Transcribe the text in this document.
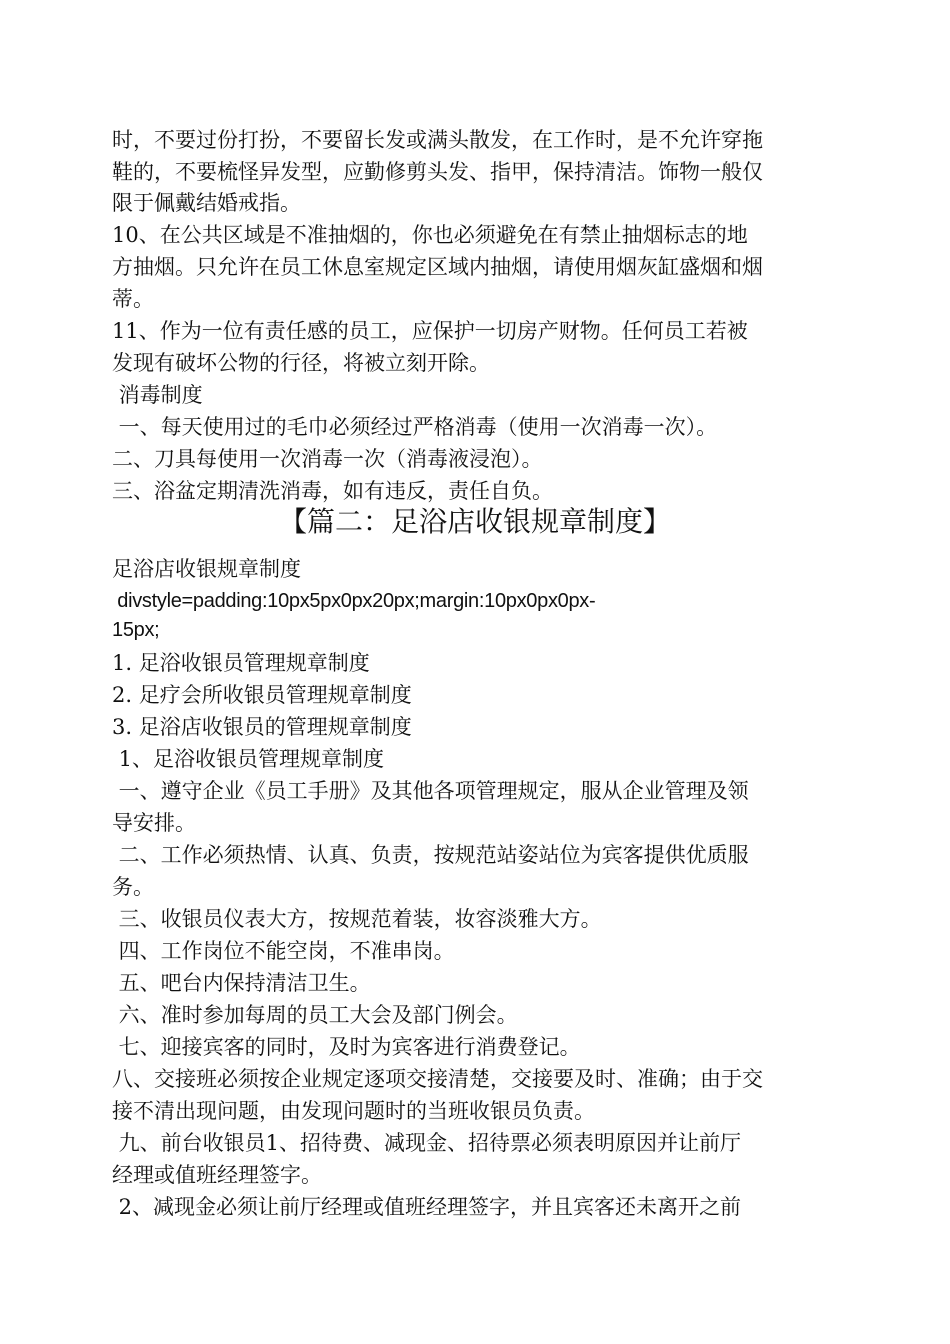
时，不要过份打扮，不要留长发或满头散发，在工作时，是不允许穿拖
鞋的，不要梳怪异发型，应勤修剪头发、指甲，保持清洁。饰物一般仅
限于佩戴结婚戒指。
10、在公共区域是不准抽烟的，你也必须避免在有禁止抽烟标志的地
方抽烟。只允许在员工休息室规定区域内抽烟，请使用烟灰缸盛烟和烟
蒂。
11、作为一位有责任感的员工，应保护一切房产财物。任何员工若被
发现有破坏公物的行径，将被立刻开除。
消毒制度
一、每天使用过的毛巾必须经过严格消毒（使用一次消毒一次）。
二、刀具每使用一次消毒一次（消毒液浸泡）。
三、浴盆定期清洗消毒，如有违反，责任自负。
【篇二：足浴店收银规章制度】
足浴店收银规章制度
divstyle=padding:10px5px0px20px;margin:10px0px0px-
15px;
1. 足浴收银员管理规章制度
2. 足疗会所收银员管理规章制度
3. 足浴店收银员的管理规章制度
1、足浴收银员管理规章制度
一、遵守企业《员工手册》及其他各项管理规定，服从企业管理及领
导安排。
二、工作必须热情、认真、负责，按规范站姿站位为宾客提供优质服
务。
三、收银员仪表大方，按规范着装，妆容淡雅大方。
四、工作岗位不能空岗，不准串岗。
五、吧台内保持清洁卫生。
六、准时参加每周的员工大会及部门例会。
七、迎接宾客的同时，及时为宾客进行消费登记。
八、交接班必须按企业规定逐项交接清楚，交接要及时、准确；由于交
接不清出现问题，由发现问题时的当班收银员负责。
九、前台收银员1、招待费、减现金、招待票必须表明原因并让前厅
经理或值班经理签字。
2、减现金必须让前厅经理或值班经理签字，并且宾客还未离开之前
